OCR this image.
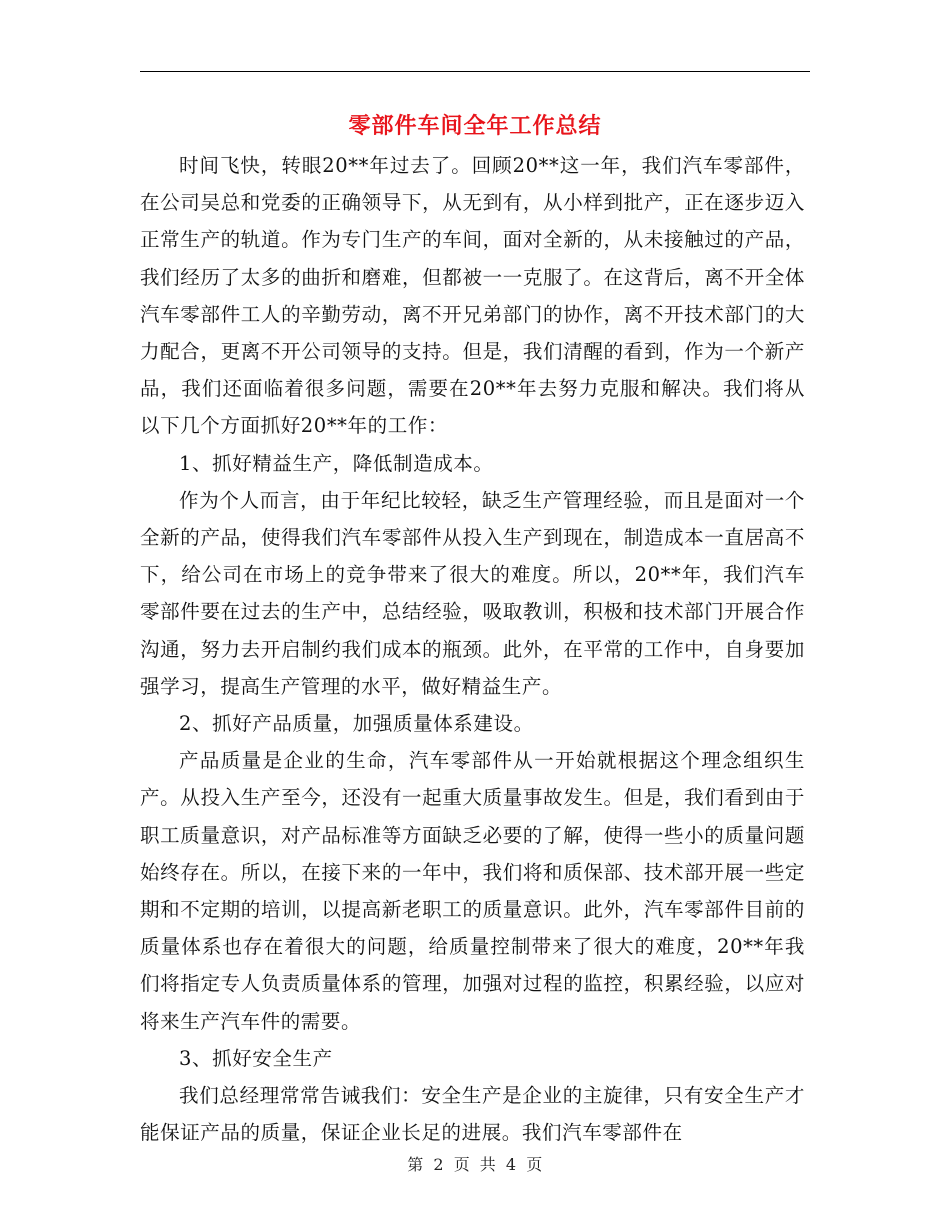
零部件车间全年工作总结

时间飞快，转眼20**年过去了。回顾20**这一年，我们汽车零部件，在公司吴总和党委的正确领导下，从无到有，从小样到批产，正在逐步迈入正常生产的轨道。作为专门生产的车间，面对全新的，从未接触过的产品，我们经历了太多的曲折和磨难，但都被一一克服了。在这背后，离不开全体汽车零部件工人的辛勤劳动，离不开兄弟部门的协作，离不开技术部门的大力配合，更离不开公司领导的支持。但是，我们清醒的看到，作为一个新产品，我们还面临着很多问题，需要在20**年去努力克服和解决。我们将从以下几个方面抓好20**年的工作：

1、抓好精益生产，降低制造成本。

作为个人而言，由于年纪比较轻，缺乏生产管理经验，而且是面对一个全新的产品，使得我们汽车零部件从投入生产到现在，制造成本一直居高不下，给公司在市场上的竞争带来了很大的难度。所以，20**年，我们汽车零部件要在过去的生产中，总结经验，吸取教训，积极和技术部门开展合作沟通，努力去开启制约我们成本的瓶颈。此外，在平常的工作中，自身要加强学习，提高生产管理的水平，做好精益生产。

2、抓好产品质量，加强质量体系建设。

产品质量是企业的生命，汽车零部件从一开始就根据这个理念组织生产。从投入生产至今，还没有一起重大质量事故发生。但是，我们看到由于职工质量意识，对产品标准等方面缺乏必要的了解，使得一些小的质量问题始终存在。所以，在接下来的一年中，我们将和质保部、技术部开展一些定期和不定期的培训，以提高新老职工的质量意识。此外，汽车零部件目前的质量体系也存在着很大的问题，给质量控制带来了很大的难度，20**年我们将指定专人负责质量体系的管理，加强对过程的监控，积累经验，以应对将来生产汽车件的需要。

3、抓好安全生产

我们总经理常常告诫我们：安全生产是企业的主旋律，只有安全生产才能保证产品的质量，保证企业长足的进展。我们汽车零部件在

第 2 页 共 4 页
